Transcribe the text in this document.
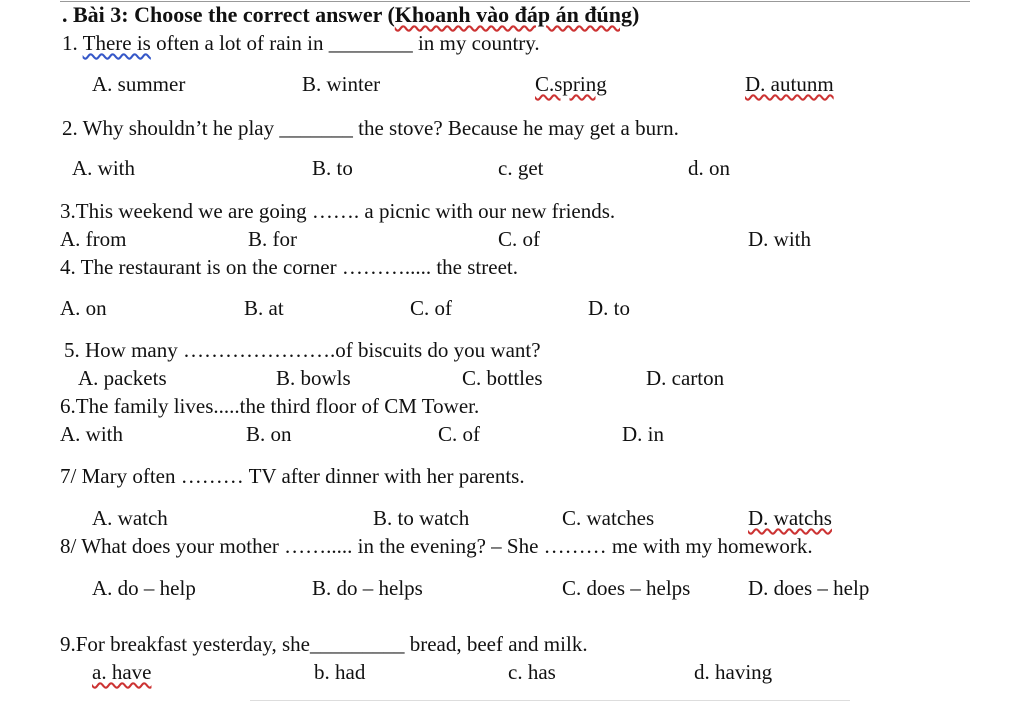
. Bài 3: Choose the correct answer (Khoanh vào đáp án đúng)
1. There is often a lot of rain in ________ in my country.
A. summer	B. winter	C.spring	D. autunm
2. Why shouldn’t he play _______ the stove? Because he may get a burn.
A. with	B. to	c. get	d. on
3.This weekend we are going ……. a picnic with our new friends.
A. from	B. for	C. of	D. with
4. The restaurant is on the corner ………..... the street.
A. on	B. at	C. of	D. to
5. How many ………………….of biscuits do you want?
A. packets	B. bowls	C. bottles	D. carton
6.The family lives.....the third floor of CM Tower.
A. with	B. on	C. of	D. in
7/ Mary often ……… TV after dinner with her parents.
A. watch	B. to watch	C. watches	D. watchs
8/ What does your mother ……..... in the evening? – She ……… me with my homework.
A. do – help	B. do – helps	C. does – helps	D. does – help
9.For breakfast yesterday, she_________ bread, beef and milk.
a. have	b. had	c. has	d. having
